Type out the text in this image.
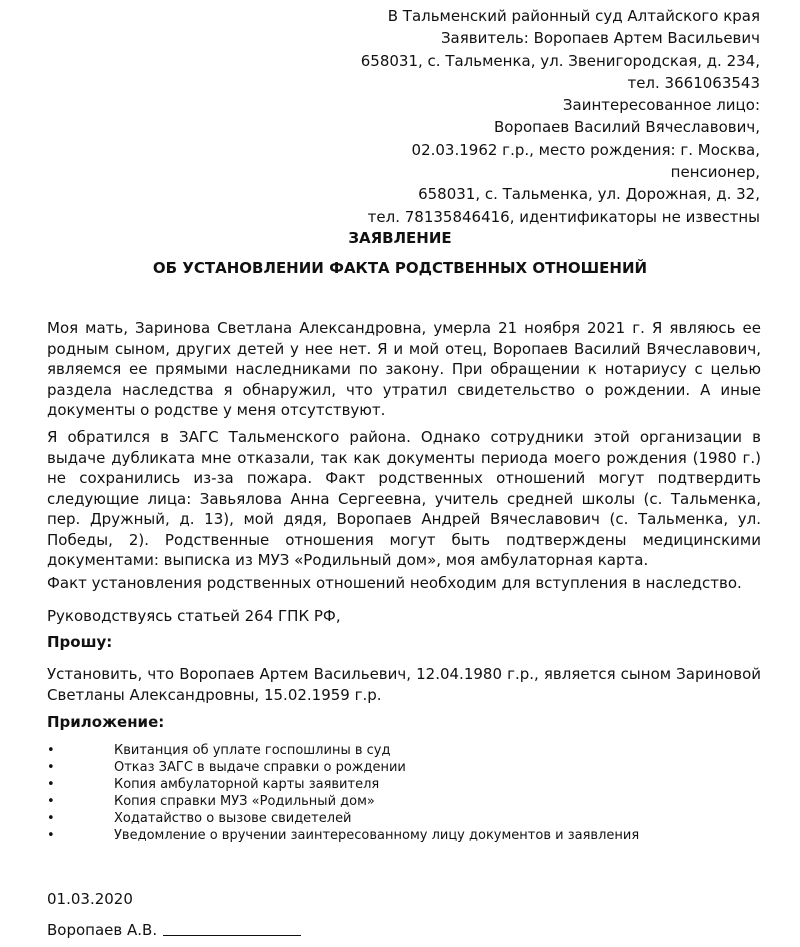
В Тальменский районный суд Алтайского края
Заявитель: Воропаев Артем Васильевич
658031, с. Тальменка, ул. Звенигородская, д. 234,
тел. 3661063543
Заинтересованное лицо:
Воропаев Василий Вячеславович,
02.03.1962 г.р., место рождения: г. Москва,
пенсионер,
658031, с. Тальменка, ул. Дорожная, д. 32,
тел. 78135846416, идентификаторы не известны
ЗАЯВЛЕНИЕ
ОБ УСТАНОВЛЕНИИ ФАКТА РОДСТВЕННЫХ ОТНОШЕНИЙ

Моя мать, Заринова Светлана Александровна, умерла 21 ноября 2021 г. Я являюсь ее родным сыном, других детей у нее нет. Я и мой отец, Воропаев Василий Вячеславович, являемся ее прямыми наследниками по закону. При обращении к нотариусу с целью раздела наследства я обнаружил, что утратил свидетельство о рождении. А иные документы о родстве у меня отсутствуют.

Я обратился в ЗАГС Тальменского района. Однако сотрудники этой организации в выдаче дубликата мне отказали, так как документы периода моего рождения (1980 г.) не сохранились из-за пожара. Факт родственных отношений могут подтвердить следующие лица: Завьялова Анна Сергеевна, учитель средней школы (с. Тальменка, пер. Дружный, д. 13), мой дядя, Воропаев Андрей Вячеславович (с. Тальменка, ул. Победы, 2). Родственные отношения могут быть подтверждены медицинскими документами: выписка из МУЗ «Родильный дом», моя амбулаторная карта.

Факт установления родственных отношений необходим для вступления в наследство.

Руководствуясь статьей 264 ГПК РФ,

Прошу:

Установить, что Воропаев Артем Васильевич, 12.04.1980 г.р., является сыном Зариновой Светланы Александровны, 15.02.1959 г.р.

Приложение:
•	Квитанция об уплате госпошлины в суд
•	Отказ ЗАГС в выдаче справки о рождении
•	Копия амбулаторной карты заявителя
•	Копия справки МУЗ «Родильный дом»
•	Ходатайство о вызове свидетелей
•	Уведомление о вручении заинтересованному лицу документов и заявления
01.03.2020
Воропаев А.В.
